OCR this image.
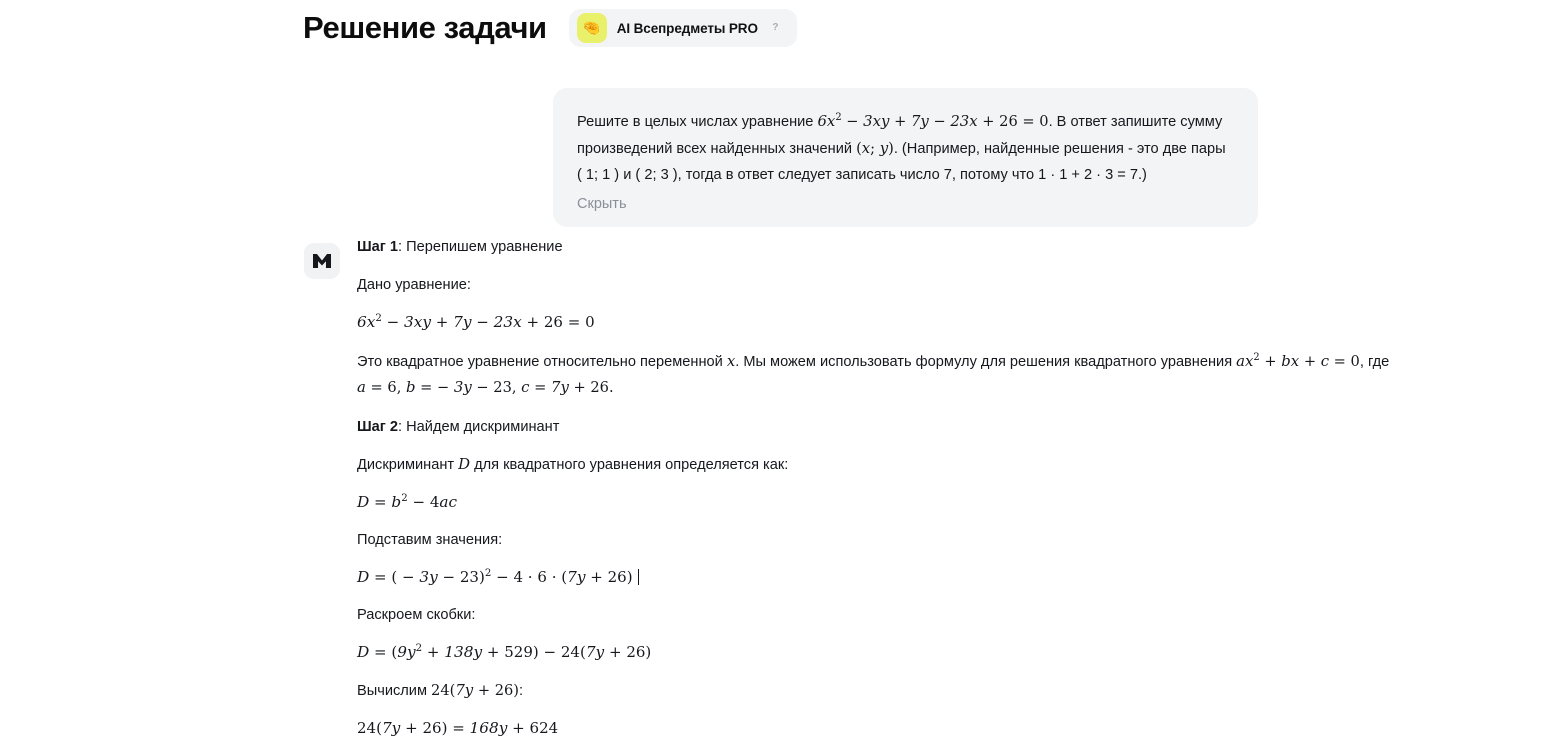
Решение задачи	🤏	AI Всепредметы PRO	?
Решите в целых числах уравнение $6x^2 - 3xy + 7y - 23x + 26 = 0$. В ответ запишите сумму произведений всех найденных значений (x; y). (Например, найденные решения - это две пары ( 1; 1 ) и ( 2; 3 ), тогда в ответ следует записать число 7, потому что 1 · 1 + 2 · 3 = 7.)
Скрыть
Шаг 1: Перепишем уравнение
Дано уравнение:
$6x^2 - 3xy + 7y - 23x + 26 = 0$
Это квадратное уравнение относительно переменной x. Мы можем использовать формулу для решения квадратного уравнения $ax^2$ + bx + c = 0, где a = 6, b = − 3y − 23, c = 7y + 26.
Шаг 2: Найдем дискриминант
Дискриминант D для квадратного уравнения определяется как:
$D = b^2 - 4ac$
Подставим значения:
D = ( − 3y − 23)$^2$ − 4 · 6 · (7y + 26)
Раскроем скобки:
$D = (9y^2 + 138y + 529) - 24(7y + 26)$
Вычислим 24(7y + 26):
24(7y + 26) = 168y + 624
